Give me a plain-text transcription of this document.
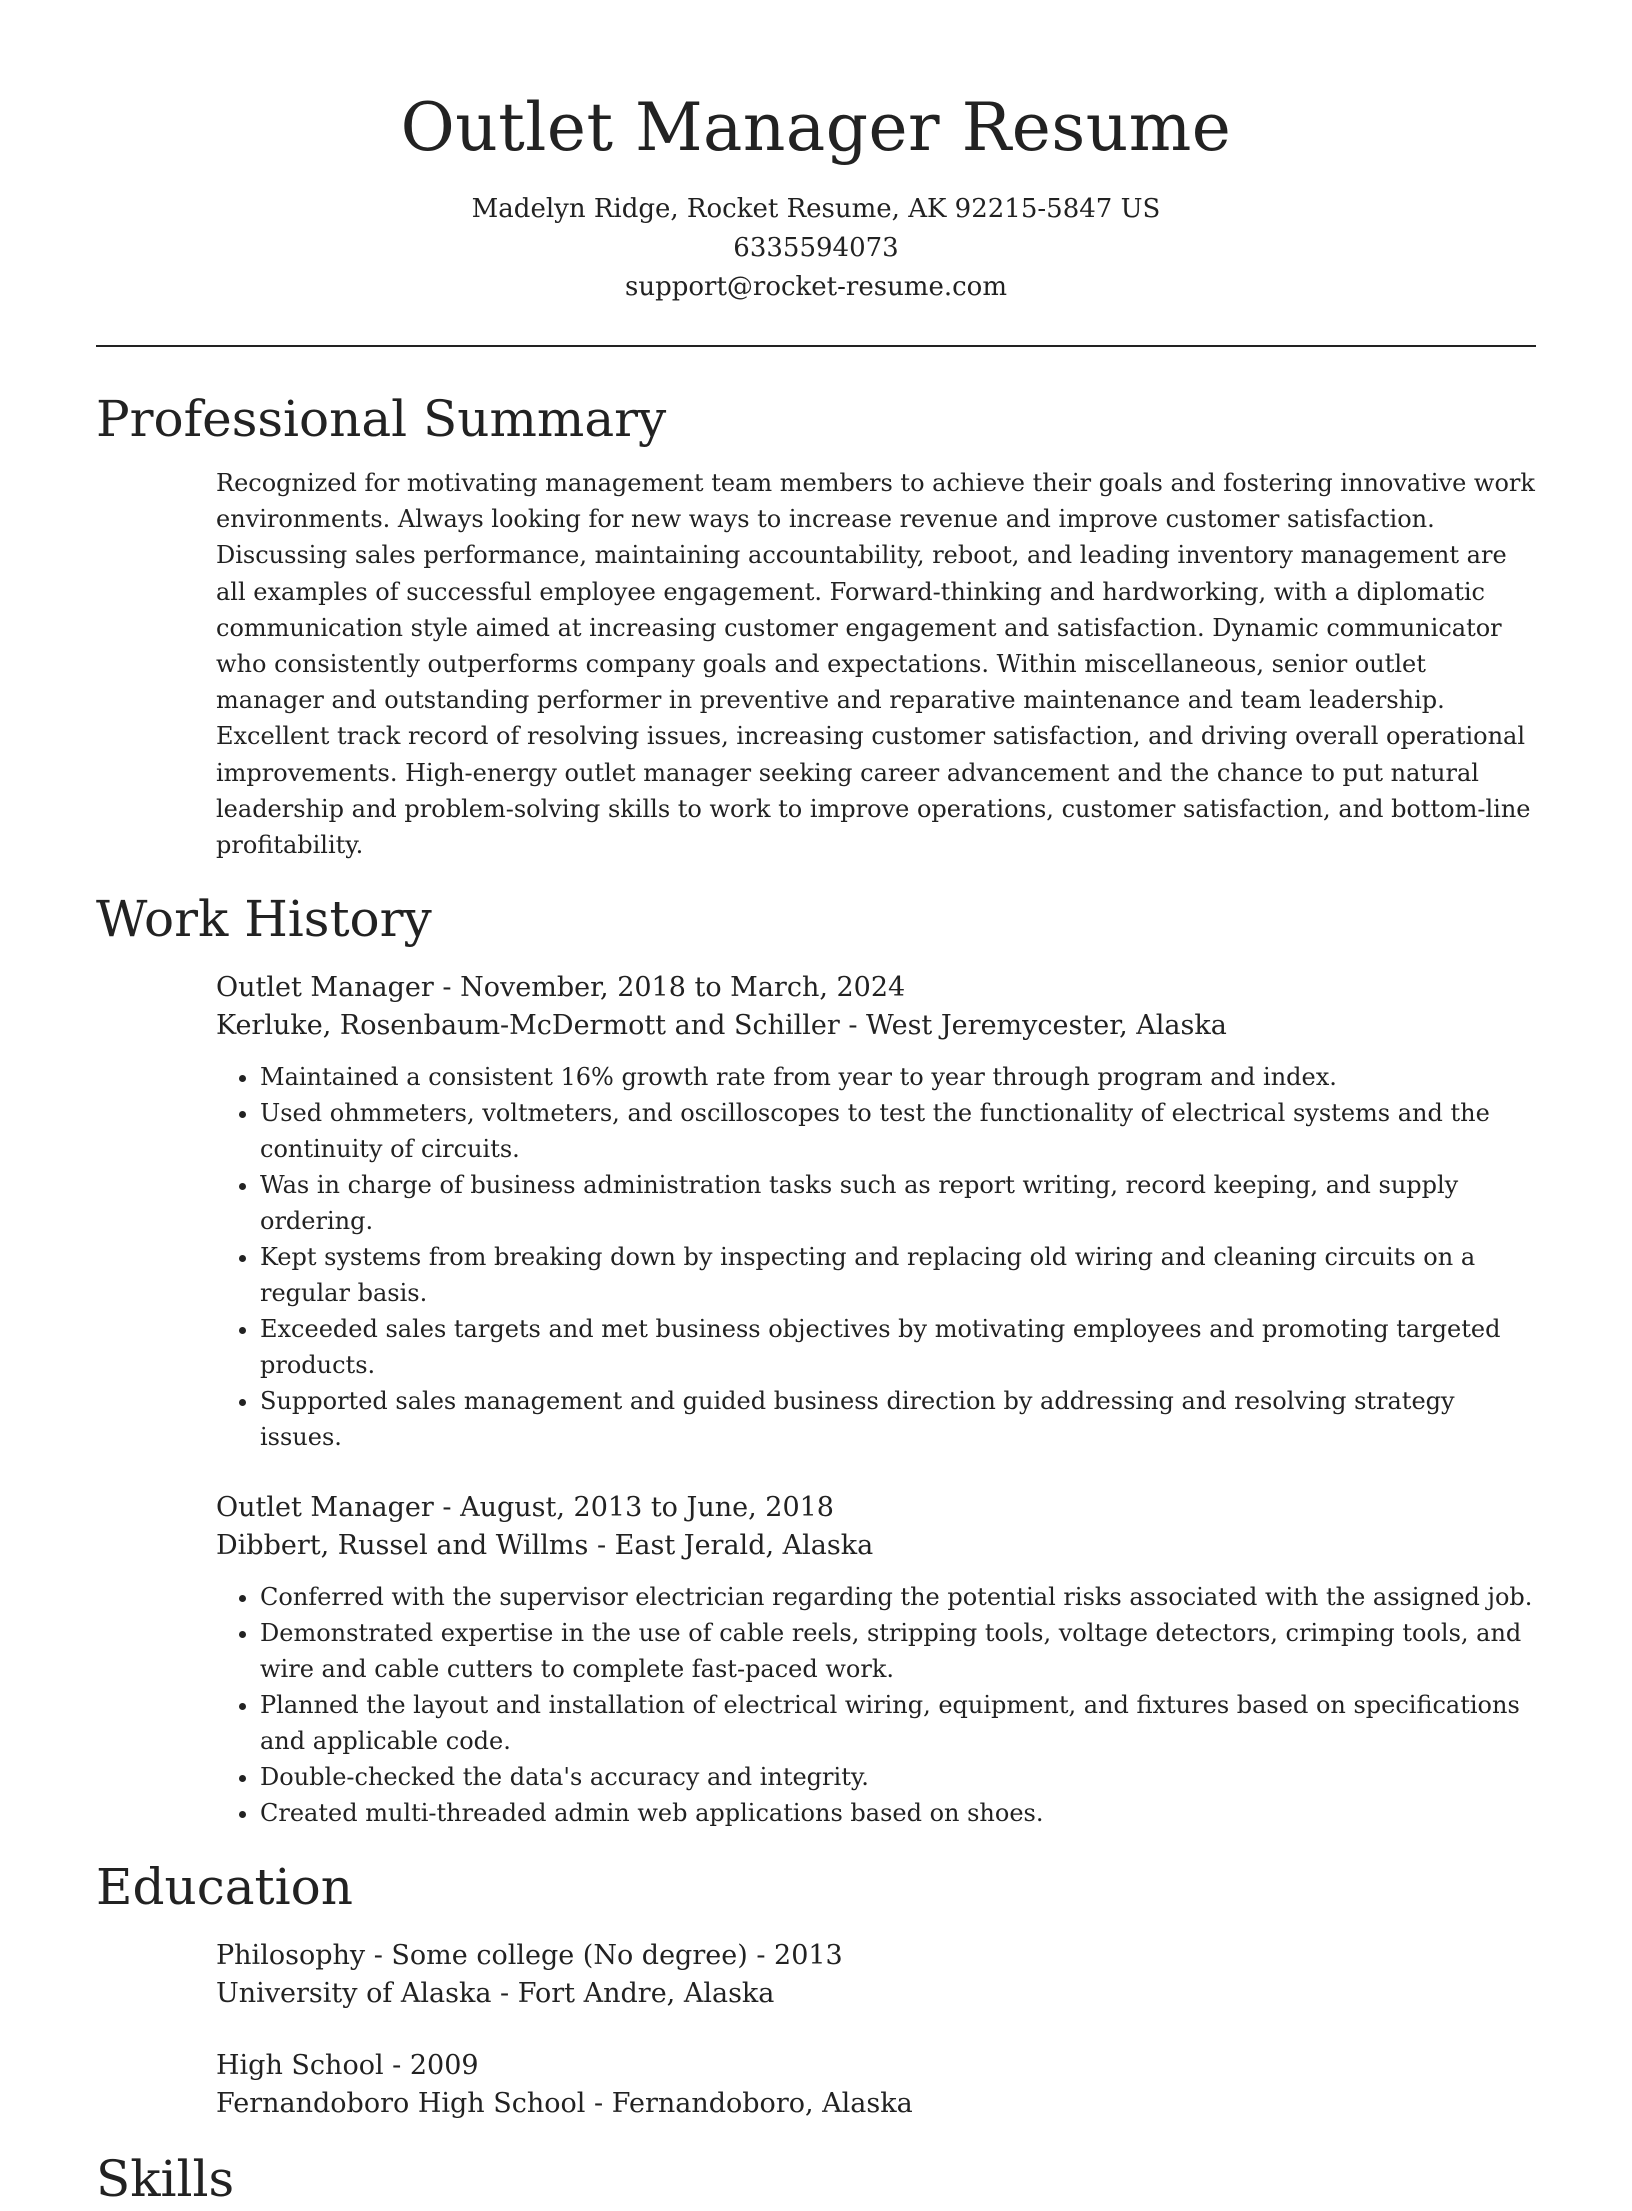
Outlet Manager Resume
Madelyn Ridge, Rocket Resume, AK 92215-5847 US
6335594073
support@rocket-resume.com
Professional Summary
Recognized for motivating management team members to achieve their goals and fostering innovative work environments. Always looking for new ways to increase revenue and improve customer satisfaction. Discussing sales performance, maintaining accountability, reboot, and leading inventory management are all examples of successful employee engagement. Forward-thinking and hardworking, with a diplomatic communication style aimed at increasing customer engagement and satisfaction. Dynamic communicator who consistently outperforms company goals and expectations. Within miscellaneous, senior outlet manager and outstanding performer in preventive and reparative maintenance and team leadership. Excellent track record of resolving issues, increasing customer satisfaction, and driving overall operational improvements. High-energy outlet manager seeking career advancement and the chance to put natural leadership and problem-solving skills to work to improve operations, customer satisfaction, and bottom-line profitability.
Work History
Outlet Manager - November, 2018 to March, 2024
Kerluke, Rosenbaum-McDermott and Schiller - West Jeremycester, Alaska
• Maintained a consistent 16% growth rate from year to year through program and index.
• Used ohmmeters, voltmeters, and oscilloscopes to test the functionality of electrical systems and the continuity of circuits.
• Was in charge of business administration tasks such as report writing, record keeping, and supply ordering.
• Kept systems from breaking down by inspecting and replacing old wiring and cleaning circuits on a regular basis.
• Exceeded sales targets and met business objectives by motivating employees and promoting targeted products.
• Supported sales management and guided business direction by addressing and resolving strategy issues.
Outlet Manager - August, 2013 to June, 2018
Dibbert, Russel and Willms - East Jerald, Alaska
• Conferred with the supervisor electrician regarding the potential risks associated with the assigned job.
• Demonstrated expertise in the use of cable reels, stripping tools, voltage detectors, crimping tools, and wire and cable cutters to complete fast-paced work.
• Planned the layout and installation of electrical wiring, equipment, and fixtures based on specifications and applicable code.
• Double-checked the data's accuracy and integrity.
• Created multi-threaded admin web applications based on shoes.
Education
Philosophy - Some college (No degree) - 2013
University of Alaska - Fort Andre, Alaska
High School - 2009
Fernandoboro High School - Fernandoboro, Alaska
Skills
